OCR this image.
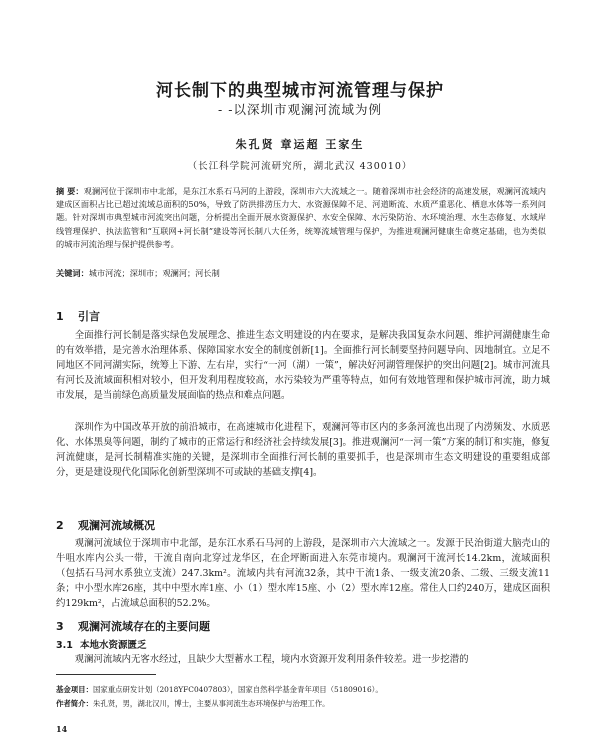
河长制下的典型城市河流管理与保护
- -以深圳市观澜河流域为例
朱孔贤 章运超 王家生
（长江科学院河流研究所，湖北武汉 430010）
摘 要：观澜河位于深圳市中北部，是东江水系石马河的上游段，深圳市六大流域之一。随着深圳市社会经济的高速发展，观澜河流域内建成区面积占比已超过流域总面积的50%，导致了防洪排涝压力大、水资源保障不足、河道断流、水质严重恶化、栖息水体等一系列问题。针对深圳市典型城市河流突出问题，分析提出全面开展水资源保护、水安全保障、水污染防治、水环境治理、水生态修复、水域岸线管理保护、执法监管和“互联网+河长制”建设等河长制八大任务，统筹流域管理与保护，为推进观澜河健康生命奠定基础，也为类似的城市河流治理与保护提供参考。
关键词：城市河流；深圳市；观澜河；河长制
1 引言
全面推行河长制是落实绿色发展理念、推进生态文明建设的内在要求，是解决我国复杂水问题、维护河湖健康生命的有效举措，是完善水治理体系、保障国家水安全的制度创新[1]。全面推行河长制要坚持问题导向、因地制宜。立足不同地区不同河湖实际，统筹上下游、左右岸，实行“一河（湖）一策”，解决好河湖管理保护的突出问题[2]。城市河流具有河长及流域面积相对较小，但开发利用程度较高，水污染较为严重等特点，如何有效地管理和保护城市河流，助力城市发展，是当前绿色高质量发展面临的热点和难点问题。
深圳作为中国改革开放的前沿城市，在高速城市化进程下，观澜河等市区内的多条河流也出现了内涝频发、水质恶化、水体黑臭等问题，制约了城市的正常运行和经济社会持续发展[3]。推进观澜河“一河一策”方案的制订和实施，修复河流健康，是河长制精准实施的关键，是深圳市全面推行河长制的重要抓手，也是深圳市生态文明建设的重要组成部分，更是建设现代化国际化创新型深圳不可或缺的基础支撑[4]。
2 观澜河流域概况
观澜河流域位于深圳市中北部，是东江水系石马河的上游段，是深圳市六大流域之一。发源于民治街道大脑壳山的牛咀水库内公头一带，干流自南向北穿过龙华区，在企坪断面进入东莞市境内。观澜河干流河长14.2km，流域面积（包括石马河水系独立支流）247.3km²。流域内共有河流32条，其中干流1条、一级支流20条、二级、三级支流11条；中小型水库26座，其中中型水库1座、小（1）型水库15座、小（2）型水库12座。常住人口约240万，建成区面积约129km²，占流域总面积的52.2%。
3 观澜河流域存在的主要问题
3.1 本地水资源匮乏
观澜河流域内无客水经过，且缺少大型蓄水工程，境内水资源开发利用条件较差。进一步挖潜的
基金项目：国家重点研发计划（2018YFC0407803），国家自然科学基金青年项目（51809016）。
作者简介：朱孔贤，男，湖北汉川，博士，主要从事河流生态环境保护与治理工作。
14
